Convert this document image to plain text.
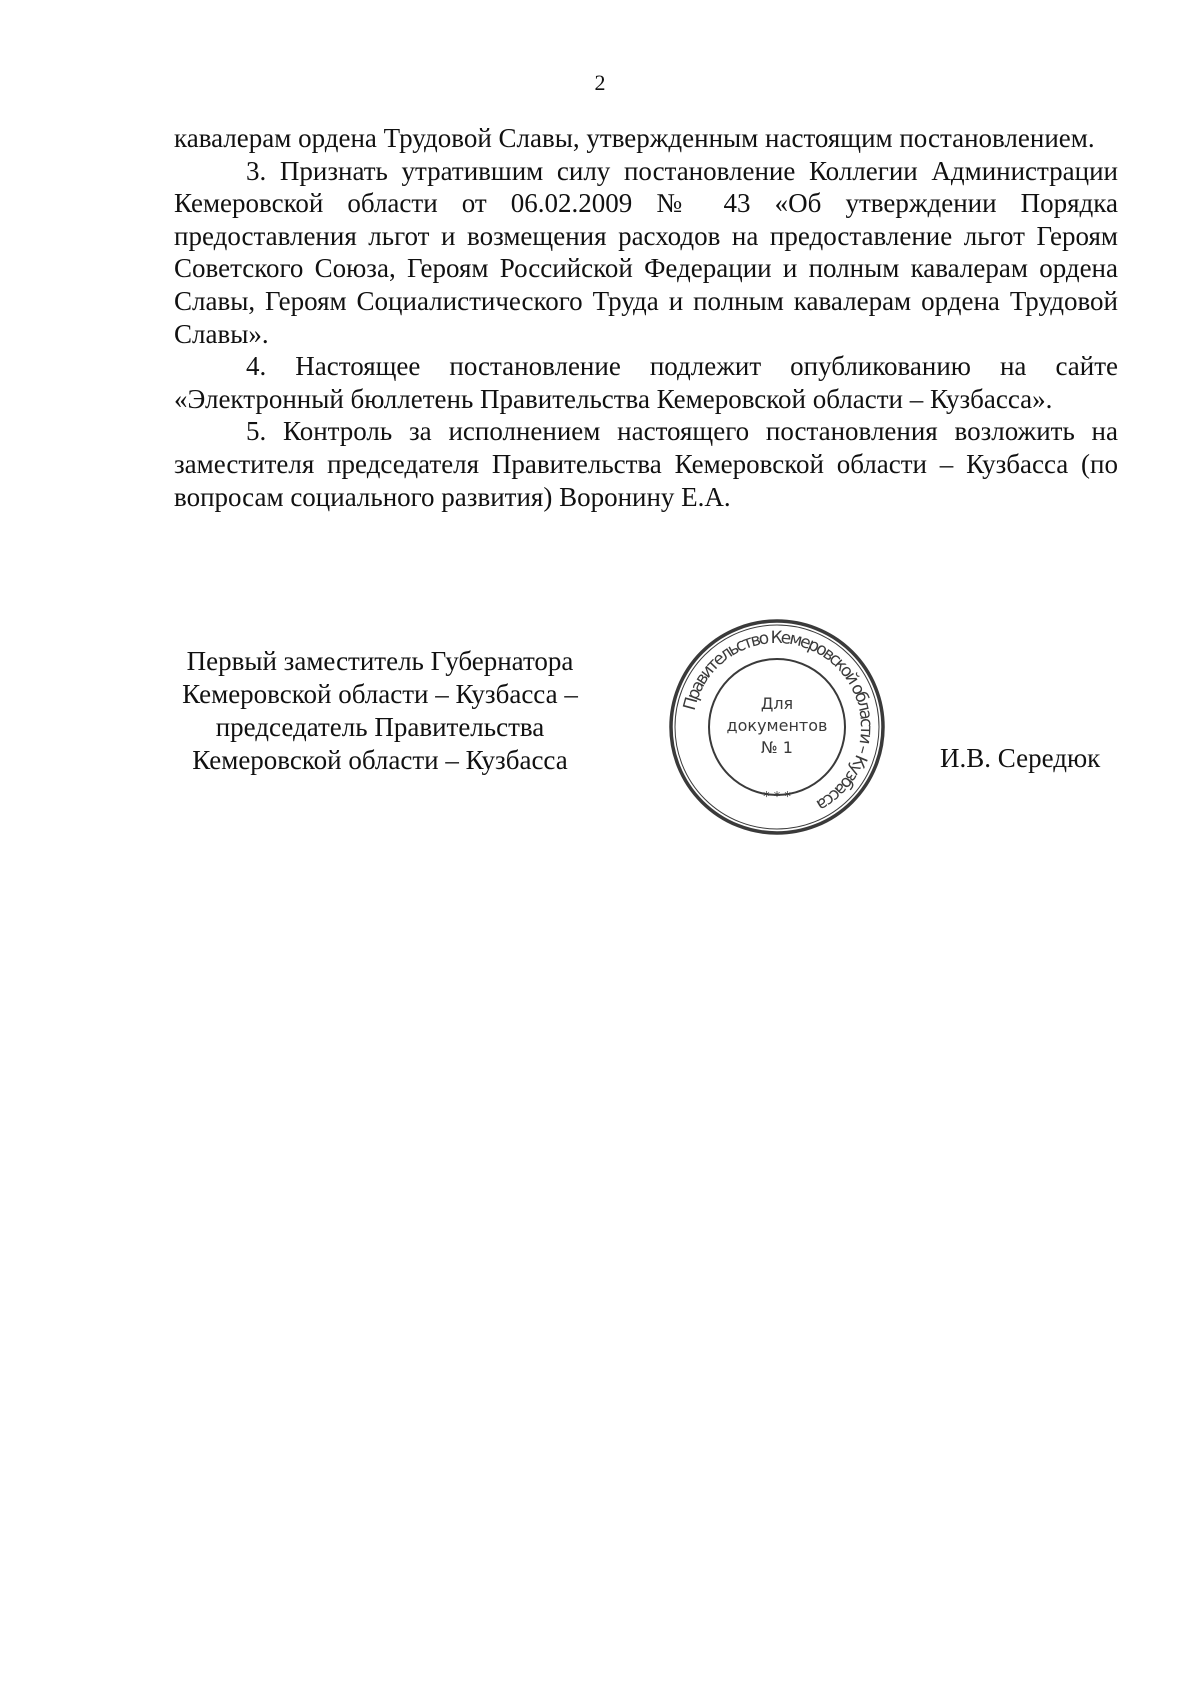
2

кавалерам ордена Трудовой Славы, утвержденным настоящим постановлением.

3. Признать утратившим силу постановление Коллегии Администрации Кемеровской области от 06.02.2009 № 43 «Об утверждении Порядка предоставления льгот и возмещения расходов на предоставление льгот Героям Советского Союза, Героям Российской Федерации и полным кавалерам ордена Славы, Героям Социалистического Труда и полным кавалерам ордена Трудовой Славы».

4. Настоящее постановление подлежит опубликованию на сайте «Электронный бюллетень Правительства Кемеровской области – Кузбасса».

5. Контроль за исполнением настоящего постановления возложить на заместителя председателя Правительства Кемеровской области – Кузбасса (по вопросам социального развития) Воронину Е.А.

Первый заместитель Губернатора
Кемеровской области – Кузбасса –
председатель Правительства
Кемеровской области – Кузбасса
Правительство Кемеровской области – Кузбасса
* * *
Для
документов
№ 1	И.В. Середюк
